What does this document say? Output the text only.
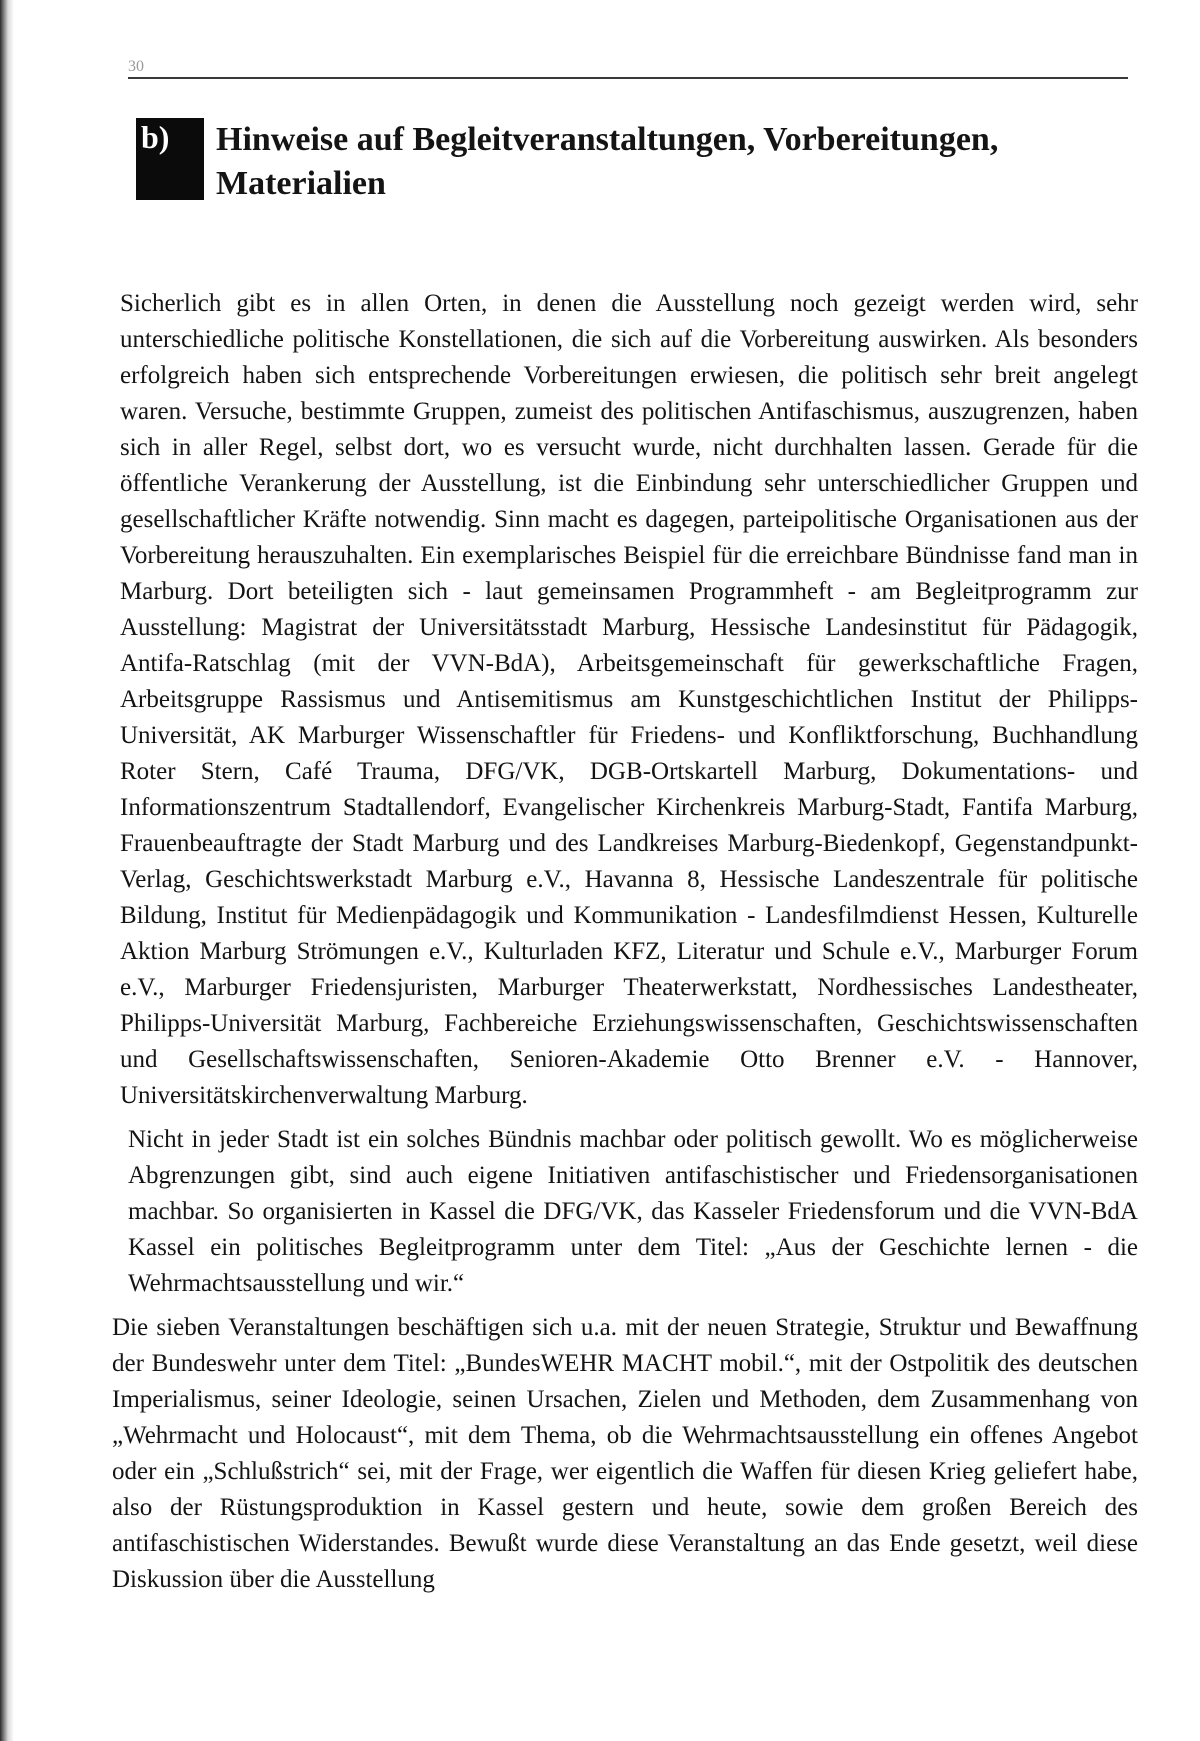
30
b)	Hinweise auf Begleitveranstaltungen, Vorbereitungen, Materialien

Sicherlich gibt es in allen Orten, in denen die Ausstellung noch gezeigt werden wird, sehr unterschiedliche politische Konstellationen, die sich auf die Vorbereitung auswirken. Als besonders erfolgreich haben sich entsprechende Vorbereitungen erwiesen, die politisch sehr breit angelegt waren. Versuche, bestimmte Gruppen, zumeist des politischen Antifaschismus, auszugrenzen, haben sich in aller Regel, selbst dort, wo es versucht wurde, nicht durchhalten lassen. Gerade für die öffentliche Verankerung der Ausstellung, ist die Einbindung sehr unterschiedlicher Gruppen und gesellschaftlicher Kräfte notwendig. Sinn macht es dagegen, parteipolitische Organisationen aus der Vorbereitung herauszuhalten. Ein exemplarisches Beispiel für die erreichbare Bündnisse fand man in Marburg. Dort beteiligten sich - laut gemeinsamen Programmheft - am Begleitprogramm zur Ausstellung: Magistrat der Universitätsstadt Marburg, Hessische Landesinstitut für Pädagogik, Antifa-Ratschlag (mit der VVN-BdA), Arbeitsgemeinschaft für gewerkschaftliche Fragen, Arbeitsgruppe Rassismus und Antisemitismus am Kunstgeschichtlichen Institut der Philipps-Universität, AK Marburger Wissenschaftler für Friedens- und Konfliktforschung, Buchhandlung Roter Stern, Café Trauma, DFG/VK, DGB-Ortskartell Marburg, Dokumentations- und Informationszentrum Stadtallendorf, Evangelischer Kirchenkreis Marburg-Stadt, Fantifa Marburg, Frauenbeauftragte der Stadt Marburg und des Landkreises Marburg-Biedenkopf, Gegenstandpunkt-Verlag, Geschichtswerkstadt Marburg e.V., Havanna 8, Hessische Landeszentrale für politische Bildung, Institut für Medienpädagogik und Kommunikation - Landesfilmdienst Hessen, Kulturelle Aktion Marburg Strömungen e.V., Kulturladen KFZ, Literatur und Schule e.V., Marburger Forum e.V., Marburger Friedensjuristen, Marburger Theaterwerkstatt, Nordhessisches Landestheater, Philipps-Universität Marburg, Fachbereiche Erziehungswissenschaften, Geschichtswissenschaften und Gesellschaftswissenschaften, Senioren-Akademie Otto Brenner e.V. - Hannover, Universitätskirchenverwaltung Marburg.

Nicht in jeder Stadt ist ein solches Bündnis machbar oder politisch gewollt. Wo es möglicherweise Abgrenzungen gibt, sind auch eigene Initiativen antifaschistischer und Friedensorganisationen machbar. So organisierten in Kassel die DFG/VK, das Kasseler Friedensforum und die VVN-BdA Kassel ein politisches Begleitprogramm unter dem Titel: „Aus der Geschichte lernen - die Wehrmachtsausstellung und wir.“

Die sieben Veranstaltungen beschäftigen sich u.a. mit der neuen Strategie, Struktur und Bewaffnung der Bundeswehr unter dem Titel: „BundesWEHR MACHT mobil.“, mit der Ostpolitik des deutschen Imperialismus, seiner Ideologie, seinen Ursachen, Zielen und Methoden, dem Zusammenhang von „Wehrmacht und Holocaust“, mit dem Thema, ob die Wehrmachtsausstellung ein offenes Angebot oder ein „Schlußstrich“ sei, mit der Frage, wer eigentlich die Waffen für diesen Krieg geliefert habe, also der Rüstungsproduktion in Kassel gestern und heute, sowie dem großen Bereich des antifaschistischen Widerstandes. Bewußt wurde diese Veranstaltung an das Ende gesetzt, weil diese Diskussion über die Ausstellung
